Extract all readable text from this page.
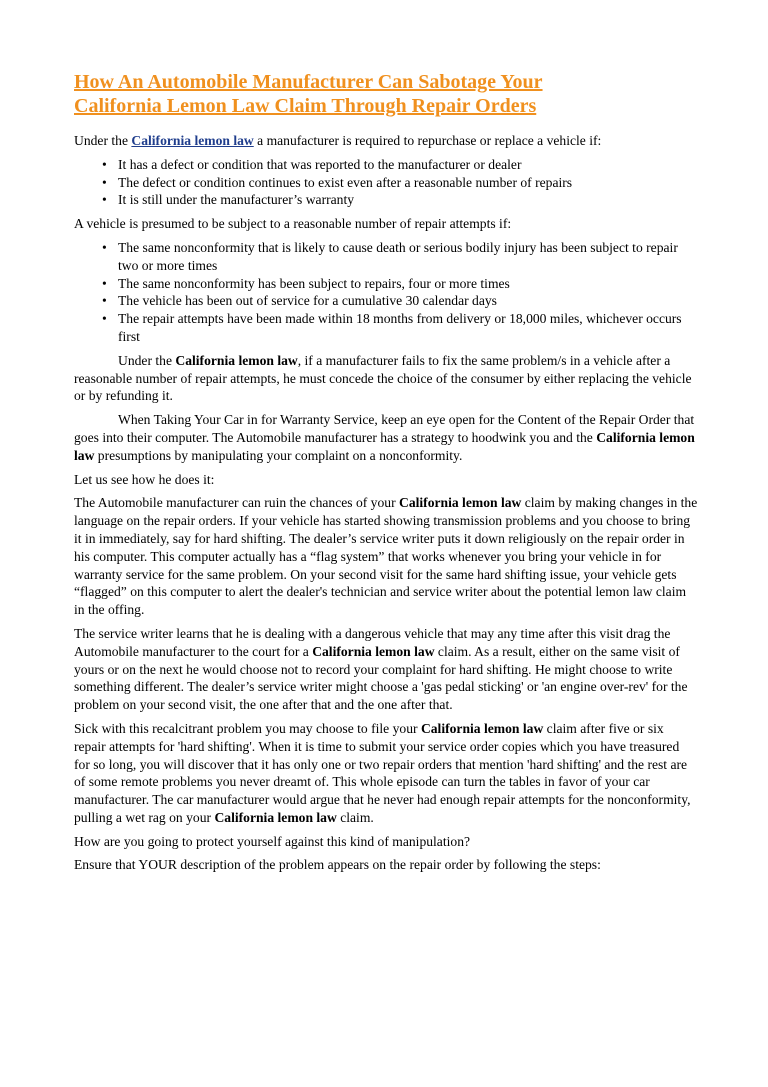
How An Automobile Manufacturer Can Sabotage Your
California Lemon Law Claim Through Repair Orders

Under the California lemon law a manufacturer is required to repurchase or replace a vehicle if:

• It has a defect or condition that was reported to the manufacturer or dealer
• The defect or condition continues to exist even after a reasonable number of repairs
• It is still under the manufacturer’s warranty

A vehicle is presumed to be subject to a reasonable number of repair attempts if:

• The same nonconformity that is likely to cause death or serious bodily injury has been subject to repair two or more times
• The same nonconformity has been subject to repairs, four or more times
• The vehicle has been out of service for a cumulative 30 calendar days
• The repair attempts have been made within 18 months from delivery or 18,000 miles, whichever occurs first

Under the California lemon law, if a manufacturer fails to fix the same problem/s in a vehicle after a reasonable number of repair attempts, he must concede the choice of the consumer by either replacing the vehicle or by refunding it.

When Taking Your Car in for Warranty Service, keep an eye open for the Content of the Repair Order that goes into their computer. The Automobile manufacturer has a strategy to hoodwink you and the California lemon law presumptions by manipulating your complaint on a nonconformity.

Let us see how he does it:

The Automobile manufacturer can ruin the chances of your California lemon law claim by making changes in the language on the repair orders. If your vehicle has started showing transmission problems and you choose to bring it in immediately, say for hard shifting. The dealer’s service writer puts it down religiously on the repair order in his computer. This computer actually has a “flag system” that works whenever you bring your vehicle in for warranty service for the same problem. On your second visit for the same hard shifting issue, your vehicle gets “flagged” on this computer to alert the dealer's technician and service writer about the potential lemon law claim in the offing.

The service writer learns that he is dealing with a dangerous vehicle that may any time after this visit drag the Automobile manufacturer to the court for a California lemon law claim. As a result, either on the same visit of yours or on the next he would choose not to record your complaint for hard shifting. He might choose to write something different. The dealer’s service writer might choose a 'gas pedal sticking' or 'an engine over-rev' for the problem on your second visit, the one after that and the one after that.

Sick with this recalcitrant problem you may choose to file your California lemon law claim after five or six repair attempts for 'hard shifting'. When it is time to submit your service order copies which you have treasured for so long, you will discover that it has only one or two repair orders that mention 'hard shifting' and the rest are of some remote problems you never dreamt of. This whole episode can turn the tables in favor of your car manufacturer. The car manufacturer would argue that he never had enough repair attempts for the nonconformity, pulling a wet rag on your California lemon law claim.

How are you going to protect yourself against this kind of manipulation?

Ensure that YOUR description of the problem appears on the repair order by following the steps:
